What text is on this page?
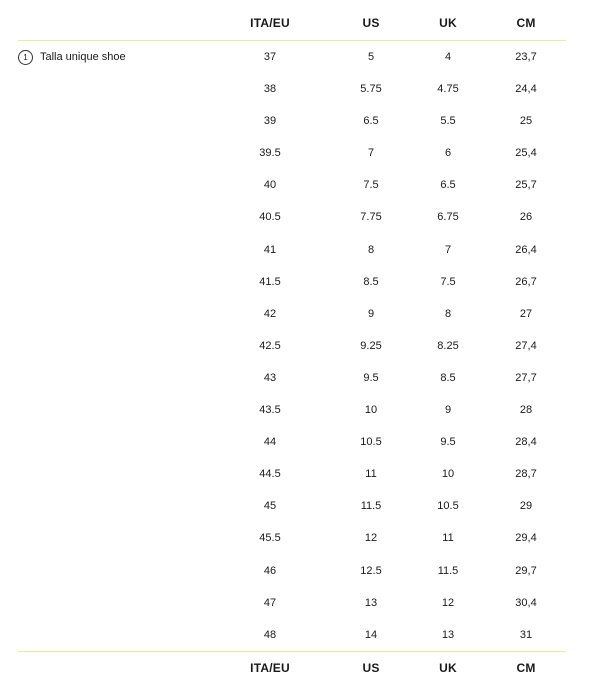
ITA/EU	US	UK	CM
1	Talla unique shoe	37	5	4	23,7
38	5.75	4.75	24,4
39	6.5	5.5	25
39.5	7	6	25,4
40	7.5	6.5	25,7
40.5	7.75	6.75	26
41	8	7	26,4
41.5	8.5	7.5	26,7
42	9	8	27
42.5	9.25	8.25	27,4
43	9.5	8.5	27,7
43.5	10	9	28
44	10.5	9.5	28,4
44.5	11	10	28,7
45	11.5	10.5	29
45.5	12	11	29,4
46	12.5	11.5	29,7
47	13	12	30,4
48	14	13	31
ITA/EU	US	UK	CM
